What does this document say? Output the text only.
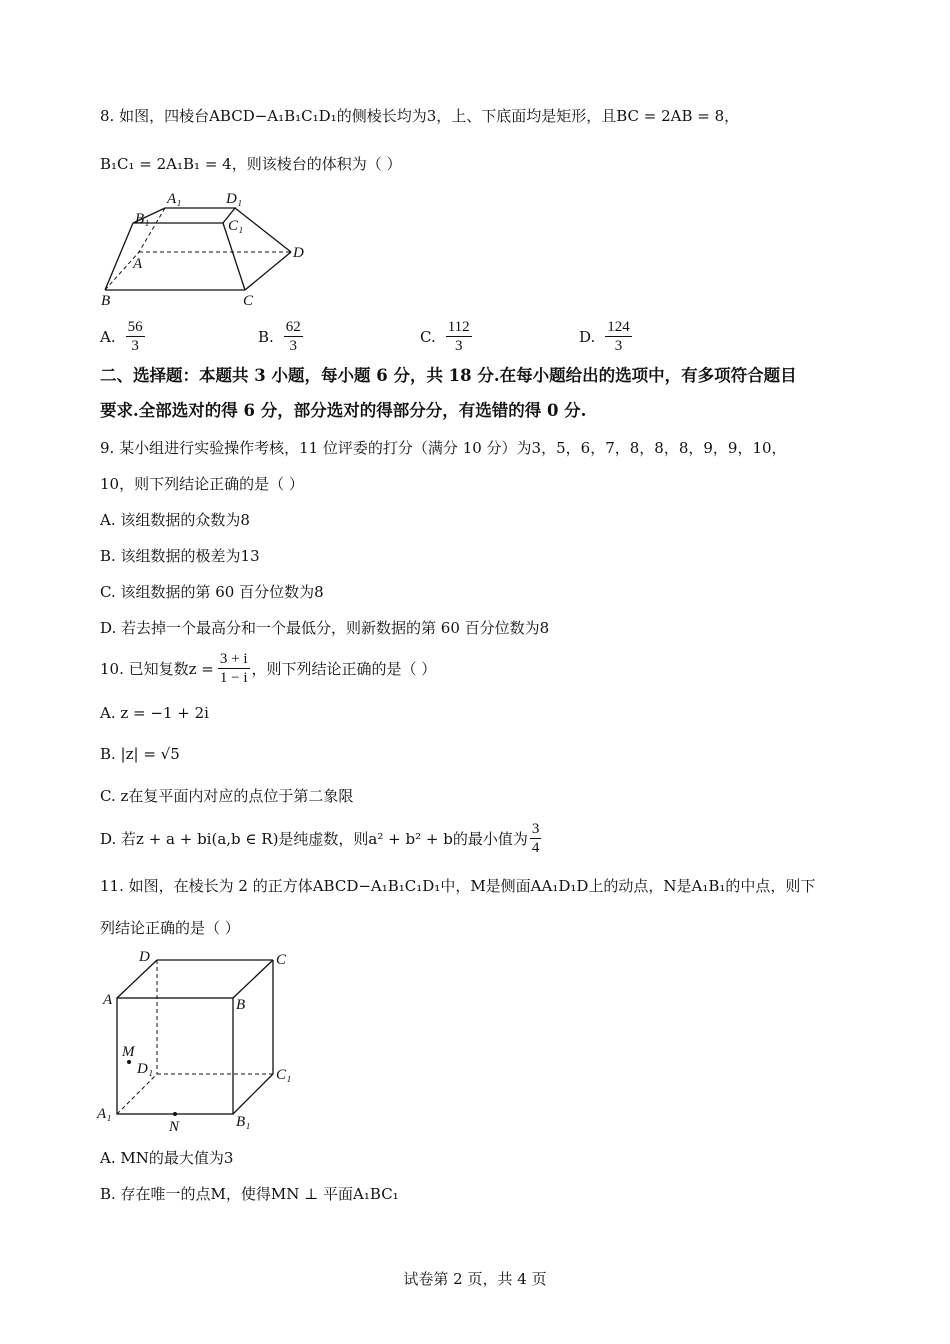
8. 如图，四棱台ABCD−A₁B₁C₁D₁的侧棱长均为3，上、下底面均是矩形，且BC = 2AB = 8，
B₁C₁ = 2A₁B₁ = 4，则该棱台的体积为（ ）
A₁	D₁
B₁	C₁
A
D
B	C
A. $\frac{56}{3}$	B. $\frac{62}{3}$	C. $\frac{112}{3}$	D. $\frac{124}{3}$
二、选择题：本题共 3 小题，每小题 6 分，共 18 分.在每小题给出的选项中，有多项符合题目
要求.全部选对的得 6 分，部分选对的得部分分，有选错的得 0 分.
9. 某小组进行实验操作考核，11 位评委的打分（满分 10 分）为3，5，6，7，8，8，8，9，9，10，
10，则下列结论正确的是（ ）
A. 该组数据的众数为8
B. 该组数据的极差为13
C. 该组数据的第 60 百分位数为8
D. 若去掉一个最高分和一个最低分，则新数据的第 60 百分位数为8
10. 已知复数$z = \frac{3 + i}{1 - i}$ ，则下列结论正确的是（ ）
A. z = −1 + 2i
B. |z| = √5
C. z在复平面内对应的点位于第二象限
D. 若z + a + bi(a,b ∈ R)是纯虚数，则a² + b² + b的最小值为 $\frac{3}{4}$
11. 如图，在棱长为 2 的正方体ABCD−A₁B₁C₁D₁中，M是侧面AA₁D₁D上的动点，N是A₁B₁的中点，则下
列结论正确的是（ ）
D	C
A	B
M
D₁	C₁
A₁
N	B₁
A. MN的最大值为3
B. 存在唯一的点M，使得MN ⊥ 平面A₁BC₁
试卷第 2 页，共 4 页
